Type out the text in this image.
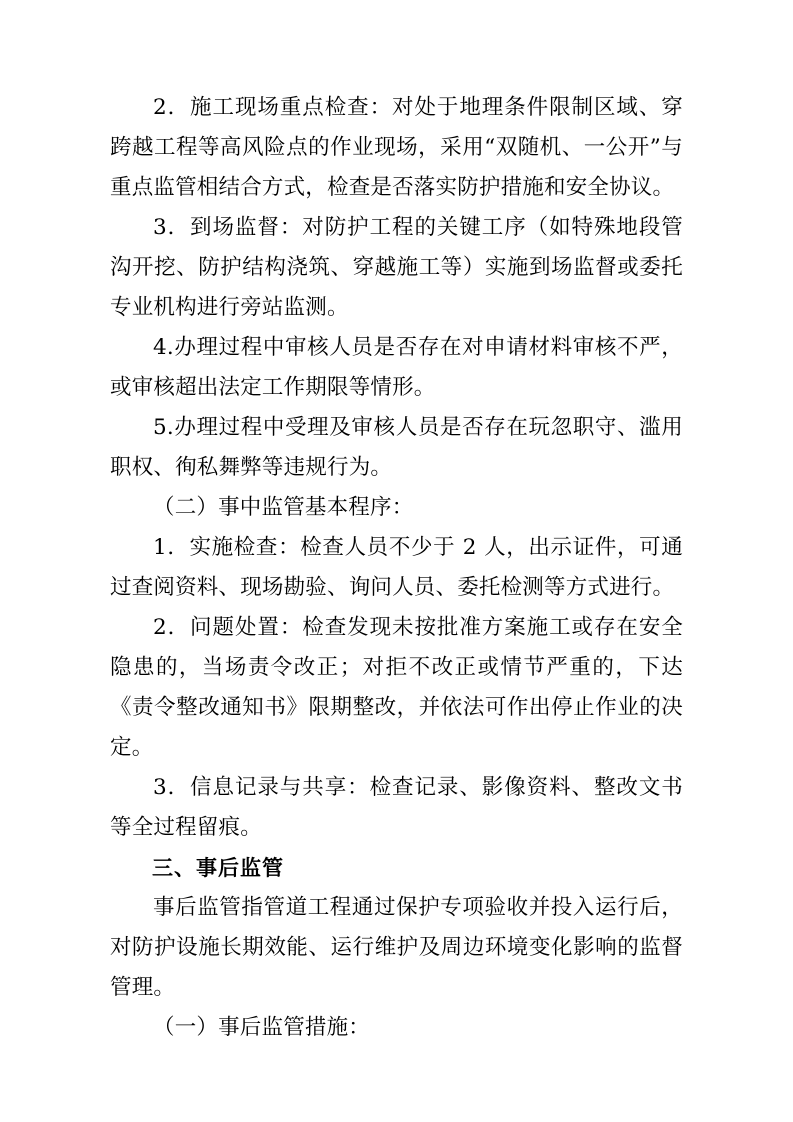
2．施工现场重点检查：对处于地理条件限制区域、穿跨越工程等高风险点的作业现场，采用“双随机、一公开”与重点监管相结合方式，检查是否落实防护措施和安全协议。

3．到场监督：对防护工程的关键工序（如特殊地段管沟开挖、防护结构浇筑、穿越施工等）实施到场监督或委托专业机构进行旁站监测。

4.办理过程中审核人员是否存在对申请材料审核不严，或审核超出法定工作期限等情形。

5.办理过程中受理及审核人员是否存在玩忽职守、滥用职权、徇私舞弊等违规行为。

（二）事中监管基本程序：

1．实施检查：检查人员不少于 2 人，出示证件，可通过查阅资料、现场勘验、询问人员、委托检测等方式进行。

2．问题处置：检查发现未按批准方案施工或存在安全隐患的，当场责令改正；对拒不改正或情节严重的，下达《责令整改通知书》限期整改，并依法可作出停止作业的决定。

3．信息记录与共享：检查记录、影像资料、整改文书等全过程留痕。

三、事后监管

事后监管指管道工程通过保护专项验收并投入运行后，对防护设施长期效能、运行维护及周边环境变化影响的监督管理。

（一）事后监管措施：
